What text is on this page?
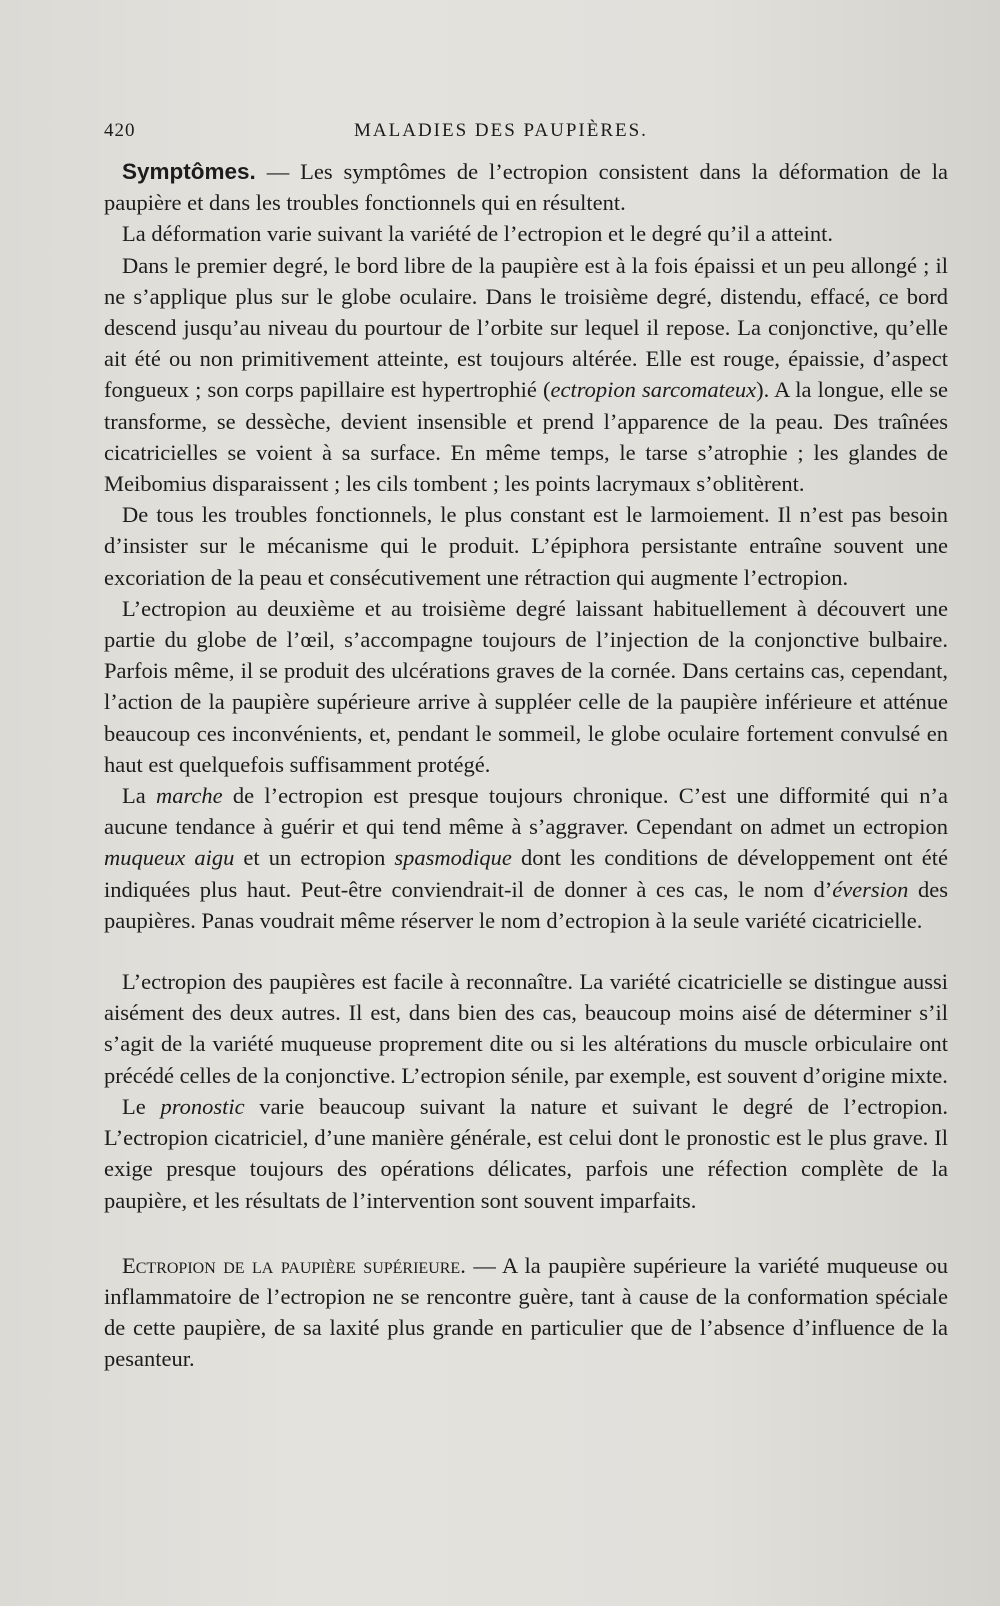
420	MALADIES DES PAUPIÈRES.

Symptômes. — Les symptômes de l’ectropion consistent dans la déformation de la paupière et dans les troubles fonctionnels qui en résultent.

La déformation varie suivant la variété de l’ectropion et le degré qu’il a atteint.

Dans le premier degré, le bord libre de la paupière est à la fois épaissi et un peu allongé ; il ne s’applique plus sur le globe oculaire. Dans le troisième degré, distendu, effacé, ce bord descend jusqu’au niveau du pourtour de l’orbite sur lequel il repose. La conjonctive, qu’elle ait été ou non primitivement atteinte, est toujours altérée. Elle est rouge, épaissie, d’aspect fongueux ; son corps papillaire est hypertrophié (ectropion sarcomateux). A la longue, elle se transforme, se dessèche, devient insensible et prend l’apparence de la peau. Des traînées cicatricielles se voient à sa surface. En même temps, le tarse s’atrophie ; les glandes de Meibomius disparaissent ; les cils tombent ; les points lacrymaux s’oblitèrent.

De tous les troubles fonctionnels, le plus constant est le larmoiement. Il n’est pas besoin d’insister sur le mécanisme qui le produit. L’épiphora persistante entraîne souvent une excoriation de la peau et consécutivement une rétraction qui augmente l’ectropion.

L’ectropion au deuxième et au troisième degré laissant habituellement à découvert une partie du globe de l’œil, s’accompagne toujours de l’injection de la conjonctive bulbaire. Parfois même, il se produit des ulcérations graves de la cornée. Dans certains cas, cependant, l’action de la paupière supérieure arrive à suppléer celle de la paupière inférieure et atténue beaucoup ces inconvénients, et, pendant le sommeil, le globe oculaire fortement convulsé en haut est quelquefois suffisamment protégé.

La marche de l’ectropion est presque toujours chronique. C’est une difformité qui n’a aucune tendance à guérir et qui tend même à s’aggraver. Cependant on admet un ectropion muqueux aigu et un ectropion spasmodique dont les conditions de développement ont été indiquées plus haut. Peut-être conviendrait-il de donner à ces cas, le nom d’éversion des paupières. Panas voudrait même réserver le nom d’ectropion à la seule variété cicatricielle.

L’ectropion des paupières est facile à reconnaître. La variété cicatricielle se distingue aussi aisément des deux autres. Il est, dans bien des cas, beaucoup moins aisé de déterminer s’il s’agit de la variété muqueuse proprement dite ou si les altérations du muscle orbiculaire ont précédé celles de la conjonctive. L’ectropion sénile, par exemple, est souvent d’origine mixte.

Le pronostic varie beaucoup suivant la nature et suivant le degré de l’ectropion. L’ectropion cicatriciel, d’une manière générale, est celui dont le pronostic est le plus grave. Il exige presque toujours des opérations délicates, parfois une réfection complète de la paupière, et les résultats de l’intervention sont souvent imparfaits.

Ectropion de la paupière supérieure. — A la paupière supérieure la variété muqueuse ou inflammatoire de l’ectropion ne se rencontre guère, tant à cause de la conformation spéciale de cette paupière, de sa laxité plus grande en particulier que de l’absence d’influence de la pesanteur.
